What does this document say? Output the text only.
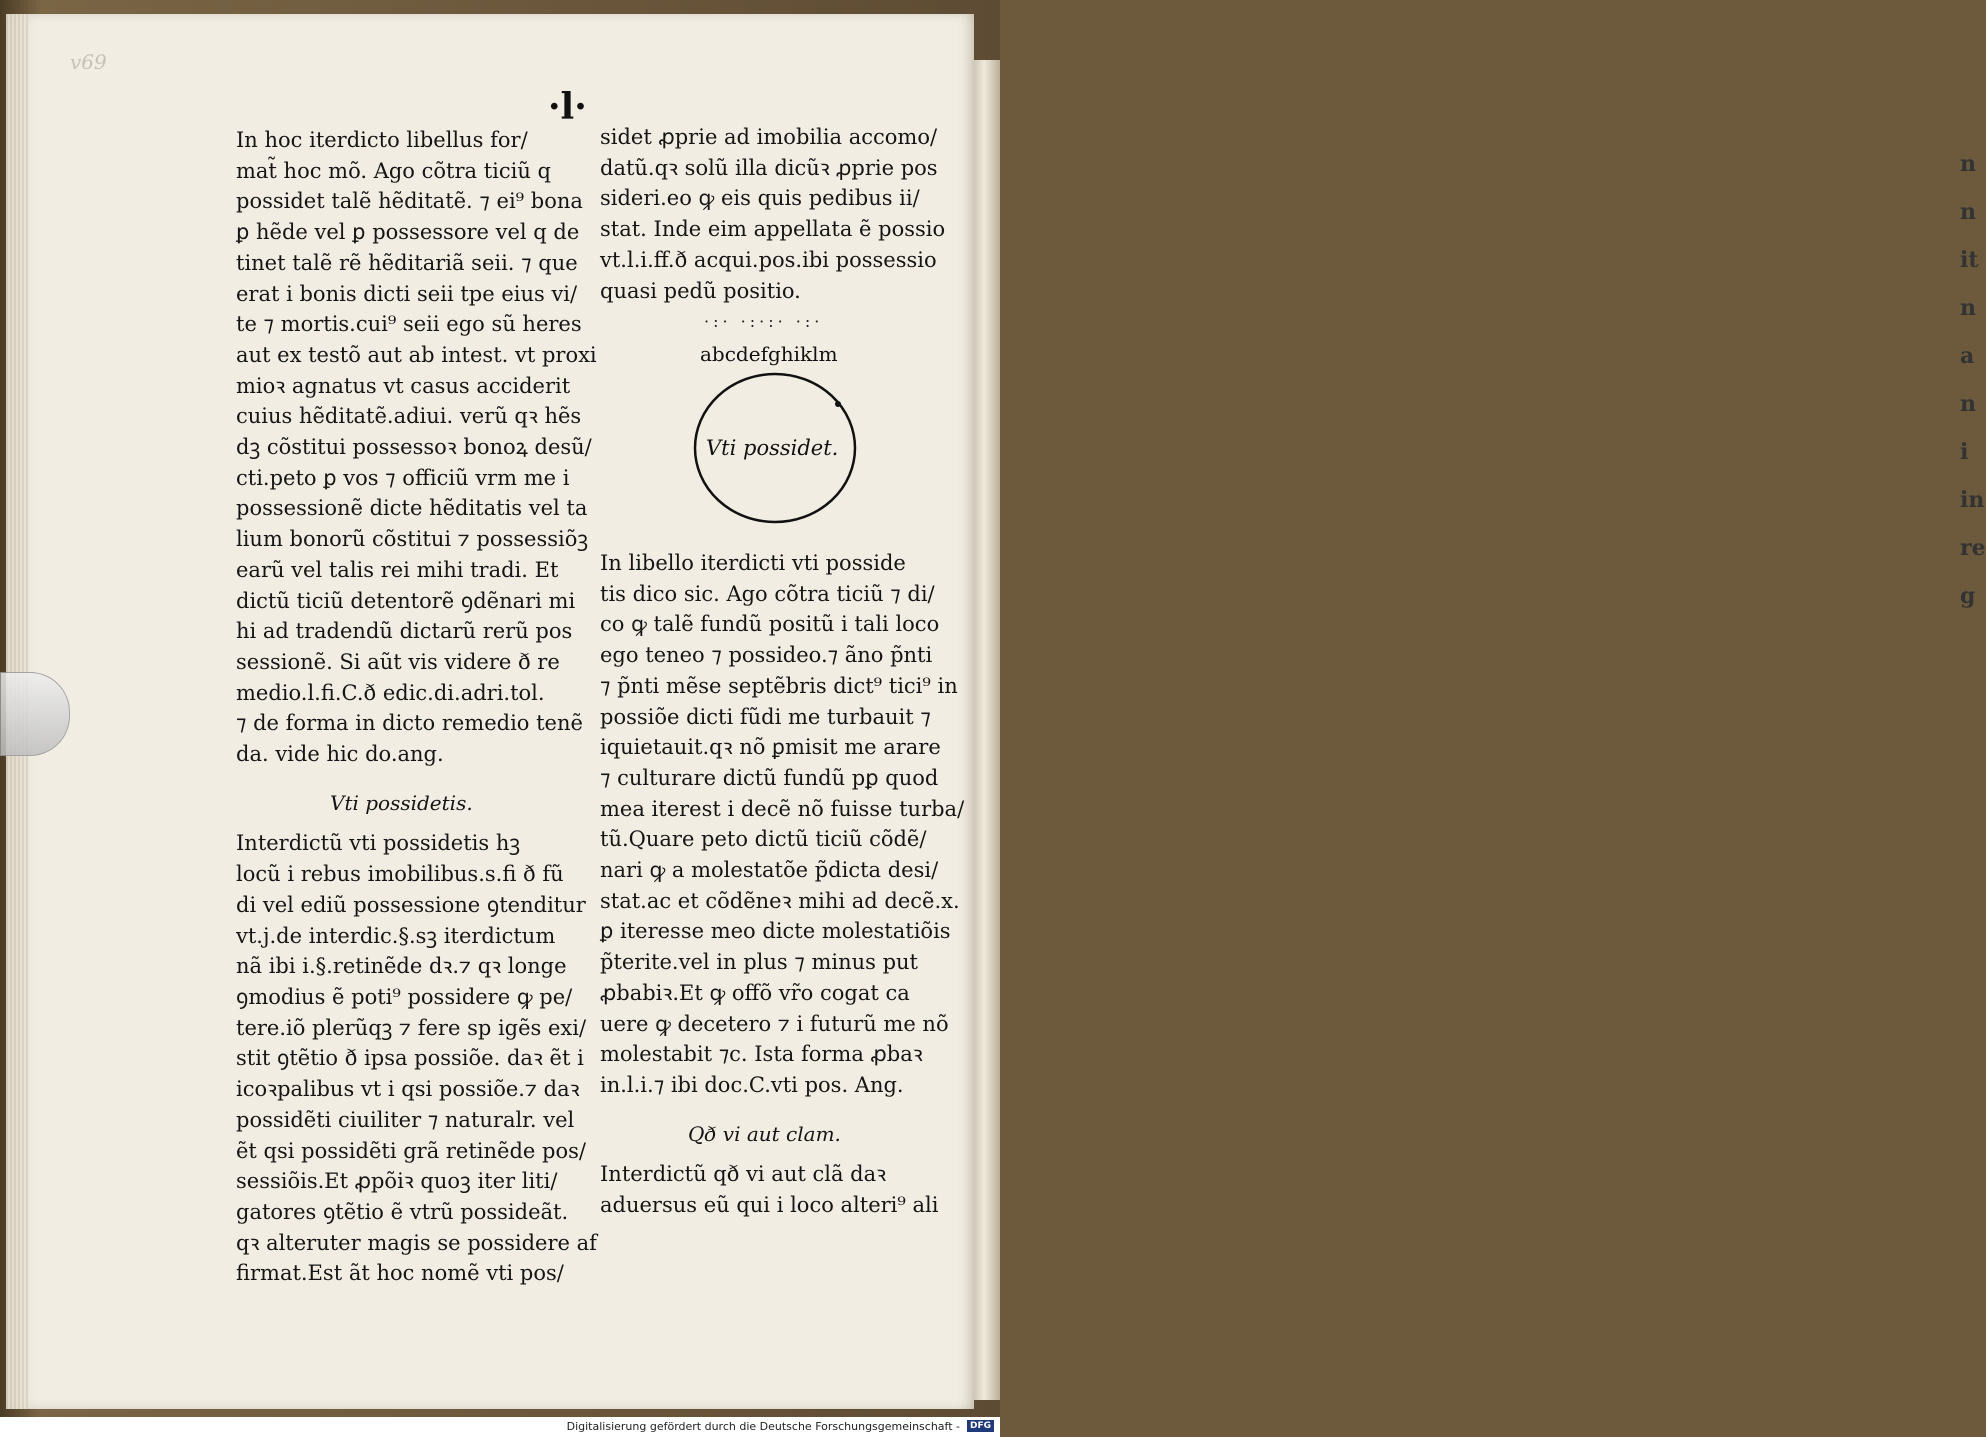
n
n
it
n
a
n
i
in
re
g
v69
·l·
In hoc iterdicto libellus for/
mat̃ hoc mõ. Ago cõtra ticiũ q
possidet talẽ hẽditatẽ. ⁊ ei⁹ bona
ꝑ hẽde vel ꝑ possessore vel q de
tinet talẽ rẽ hẽditariã seii. ⁊ que
erat i bonis dicti seii tpe eius vi/
te ⁊ mortis.cui⁹ seii ego sũ heres
aut ex testõ aut ab intest. vt proxi
mioꝛ agnatus vt casus acciderit
cuius hẽditatẽ.adiui. verũ qꝛ hẽs
dꝫ cõstitui possessoꝛ bonoꝝ desũ/
cti.peto ꝑ vos ⁊ officiũ vrm me i
possessionẽ dicte hẽditatis vel ta
lium bonorũ cõstitui ⁊ possessiõꝫ
earũ vel talis rei mihi tradi. Et
dictũ ticiũ detentorẽ ꝯdẽnari mi
hi ad tradendũ dictarũ rerũ pos
sessionẽ. Si aũt vis videre ð re
medio.l.fi.C.ð edic.di.adri.tol.
⁊ de forma in dicto remedio tenẽ
da. vide hic do.ang.
Vti possidetis.
Interdictũ vti possidetis hꝫ
locũ i rebus imobilibus.s.fi ð fũ
di vel ediũ possessione ꝯtenditur
vt.j.de interdic.§.sꝫ iterdictum
nã ibi i.§.retinẽde dꝛ.⁊ qꝛ longe
ꝯmodius ẽ poti⁹ possidere ꝙ pe/
tere.iõ plerũqꝫ ⁊ fere sp igẽs exi/
stit ꝯtẽtio ð ipsa possiõe. daꝛ ẽt i
icoꝛpalibus vt i qsi possiõe.⁊ daꝛ
possidẽti ciuiliter ⁊ naturalr. vel
ẽt qsi possidẽti grã retinẽde pos/
sessiõis.Et ꝓpõiꝛ quoꝫ iter liti/
gatores ꝯtẽtio ẽ vtrũ possideãt.
qꝛ alteruter magis se possidere af
firmat.Est ãt hoc nomẽ vti pos/
sidet ꝓprie ad imobilia accomo/
datũ.qꝛ solũ illa dicũꝛ ꝓprie pos
sideri.eo ꝙ eis quis pedibus ii/
stat. Inde eim appellata ẽ possio
vt.l.i.ff.ð acqui.pos.ibi possessio
quasi pedũ positio.
·:· ·:·:· ·:·
abcdefghiklm
Vti possidet.
In libello iterdicti vti posside
tis dico sic. Ago cõtra ticiũ ⁊ di/
co ꝙ talẽ fundũ positũ i tali loco
ego teneo ⁊ possideo.⁊ ãno p̃nti
⁊ p̃nti mẽse septẽbris dict⁹ tici⁹ in
possiõe dicti fũdi me turbauit ⁊
iquietauit.qꝛ nõ ꝑmisit me arare
⁊ culturare dictũ fundũ pꝑ quod
mea iterest i decẽ nõ fuisse turba/
tũ.Quare peto dictũ ticiũ cõdẽ/
nari ꝙ a molestatõe p̃dicta desi/
stat.ac et cõdẽneꝛ mihi ad decẽ.x.
ꝑ iteresse meo dicte molestatiõis
p̃terite.vel in plus ⁊ minus put
ꝓbabiꝛ.Et ꝙ offõ vr̃o cogat ca
uere ꝙ decetero ⁊ i futurũ me nõ
molestabit ⁊c. Ista forma ꝓbaꝛ
in.l.i.⁊ ibi doc.C.vti pos. Ang.
Qð vi aut clam.
Interdictũ qð vi aut clã daꝛ
aduersus eũ qui i loco alteri⁹ ali
Digitalisierung gefördert durch die Deutsche Forschungsgemeinschaft -	DFG
